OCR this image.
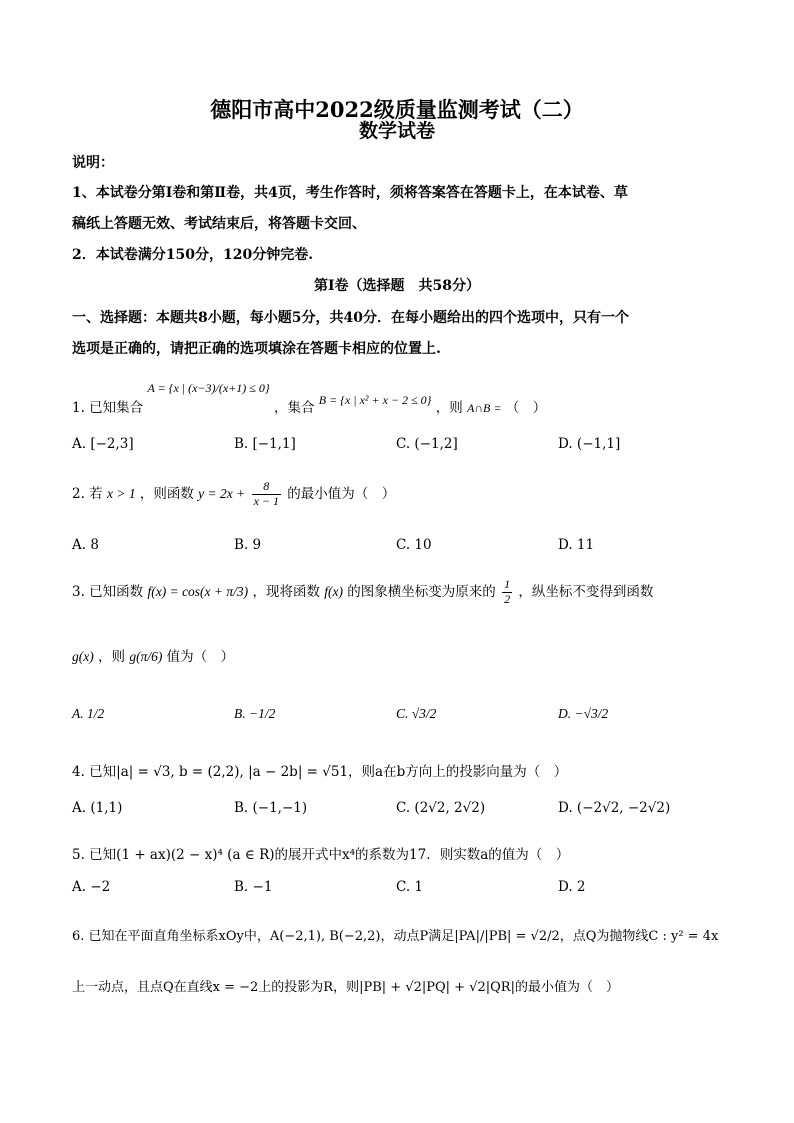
德阳市高中2022级质量监测考试（二）
数学试卷
说明：
1、本试卷分第Ⅰ卷和第Ⅱ卷，共4页，考生作答时，须将答案答在答题卡上，在本试卷、草
稿纸上答题无效、考试结束后，将答题卡交回、
2．本试卷满分150分，120分钟完卷.
第Ⅰ卷（选择题　共58分）
一、选择题：本题共8小题，每小题5分，共40分．在每小题给出的四个选项中，只有一个
选项是正确的，请把正确的选项填涂在答题卡相应的位置上.
1. 已知集合 A = {x | (x−3)/(x+1) ≤ 0} ，集合 B = {x | x² + x − 2 ≤ 0} ，则 A∩B = （　）
A. [−2,3]	B. [−1,1]	C. (−1,2]	D. (−1,1]
2. 若 x > 1 ，则函数 $y = 2x + \frac{8}{x - 1}$ 的最小值为（　）
A. 8	B. 9	C. 10	D. 11
3. 已知函数 f(x) = cos(x + π/3) ，现将函数 f(x) 的图象横坐标变为原来的 $\frac{1}{2}$ ，纵坐标不变得到函数
g(x) ，则 g(π/6) 值为（　）
A. 1/2	B. −1/2	C. √3/2	D. −√3/2
4. 已知|a| = √3, b = (2,2), |a − 2b| = √51，则a在b方向上的投影向量为（　）
A. (1,1)	B. (−1,−1)	C. (2√2, 2√2)	D. (−2√2, −2√2)
5. 已知(1 + ax)(2 − x)⁴ (a ∈ R)的展开式中x⁴的系数为17．则实数a的值为（　）
A. −2	B. −1	C. 1	D. 2
6. 已知在平面直角坐标系xOy中，A(−2,1), B(−2,2)，动点P满足|PA|/|PB| = √2/2，点Q为抛物线C : y² = 4x
上一动点，且点Q在直线x = −2上的投影为R，则|PB| + √2|PQ| + √2|QR|的最小值为（　）
